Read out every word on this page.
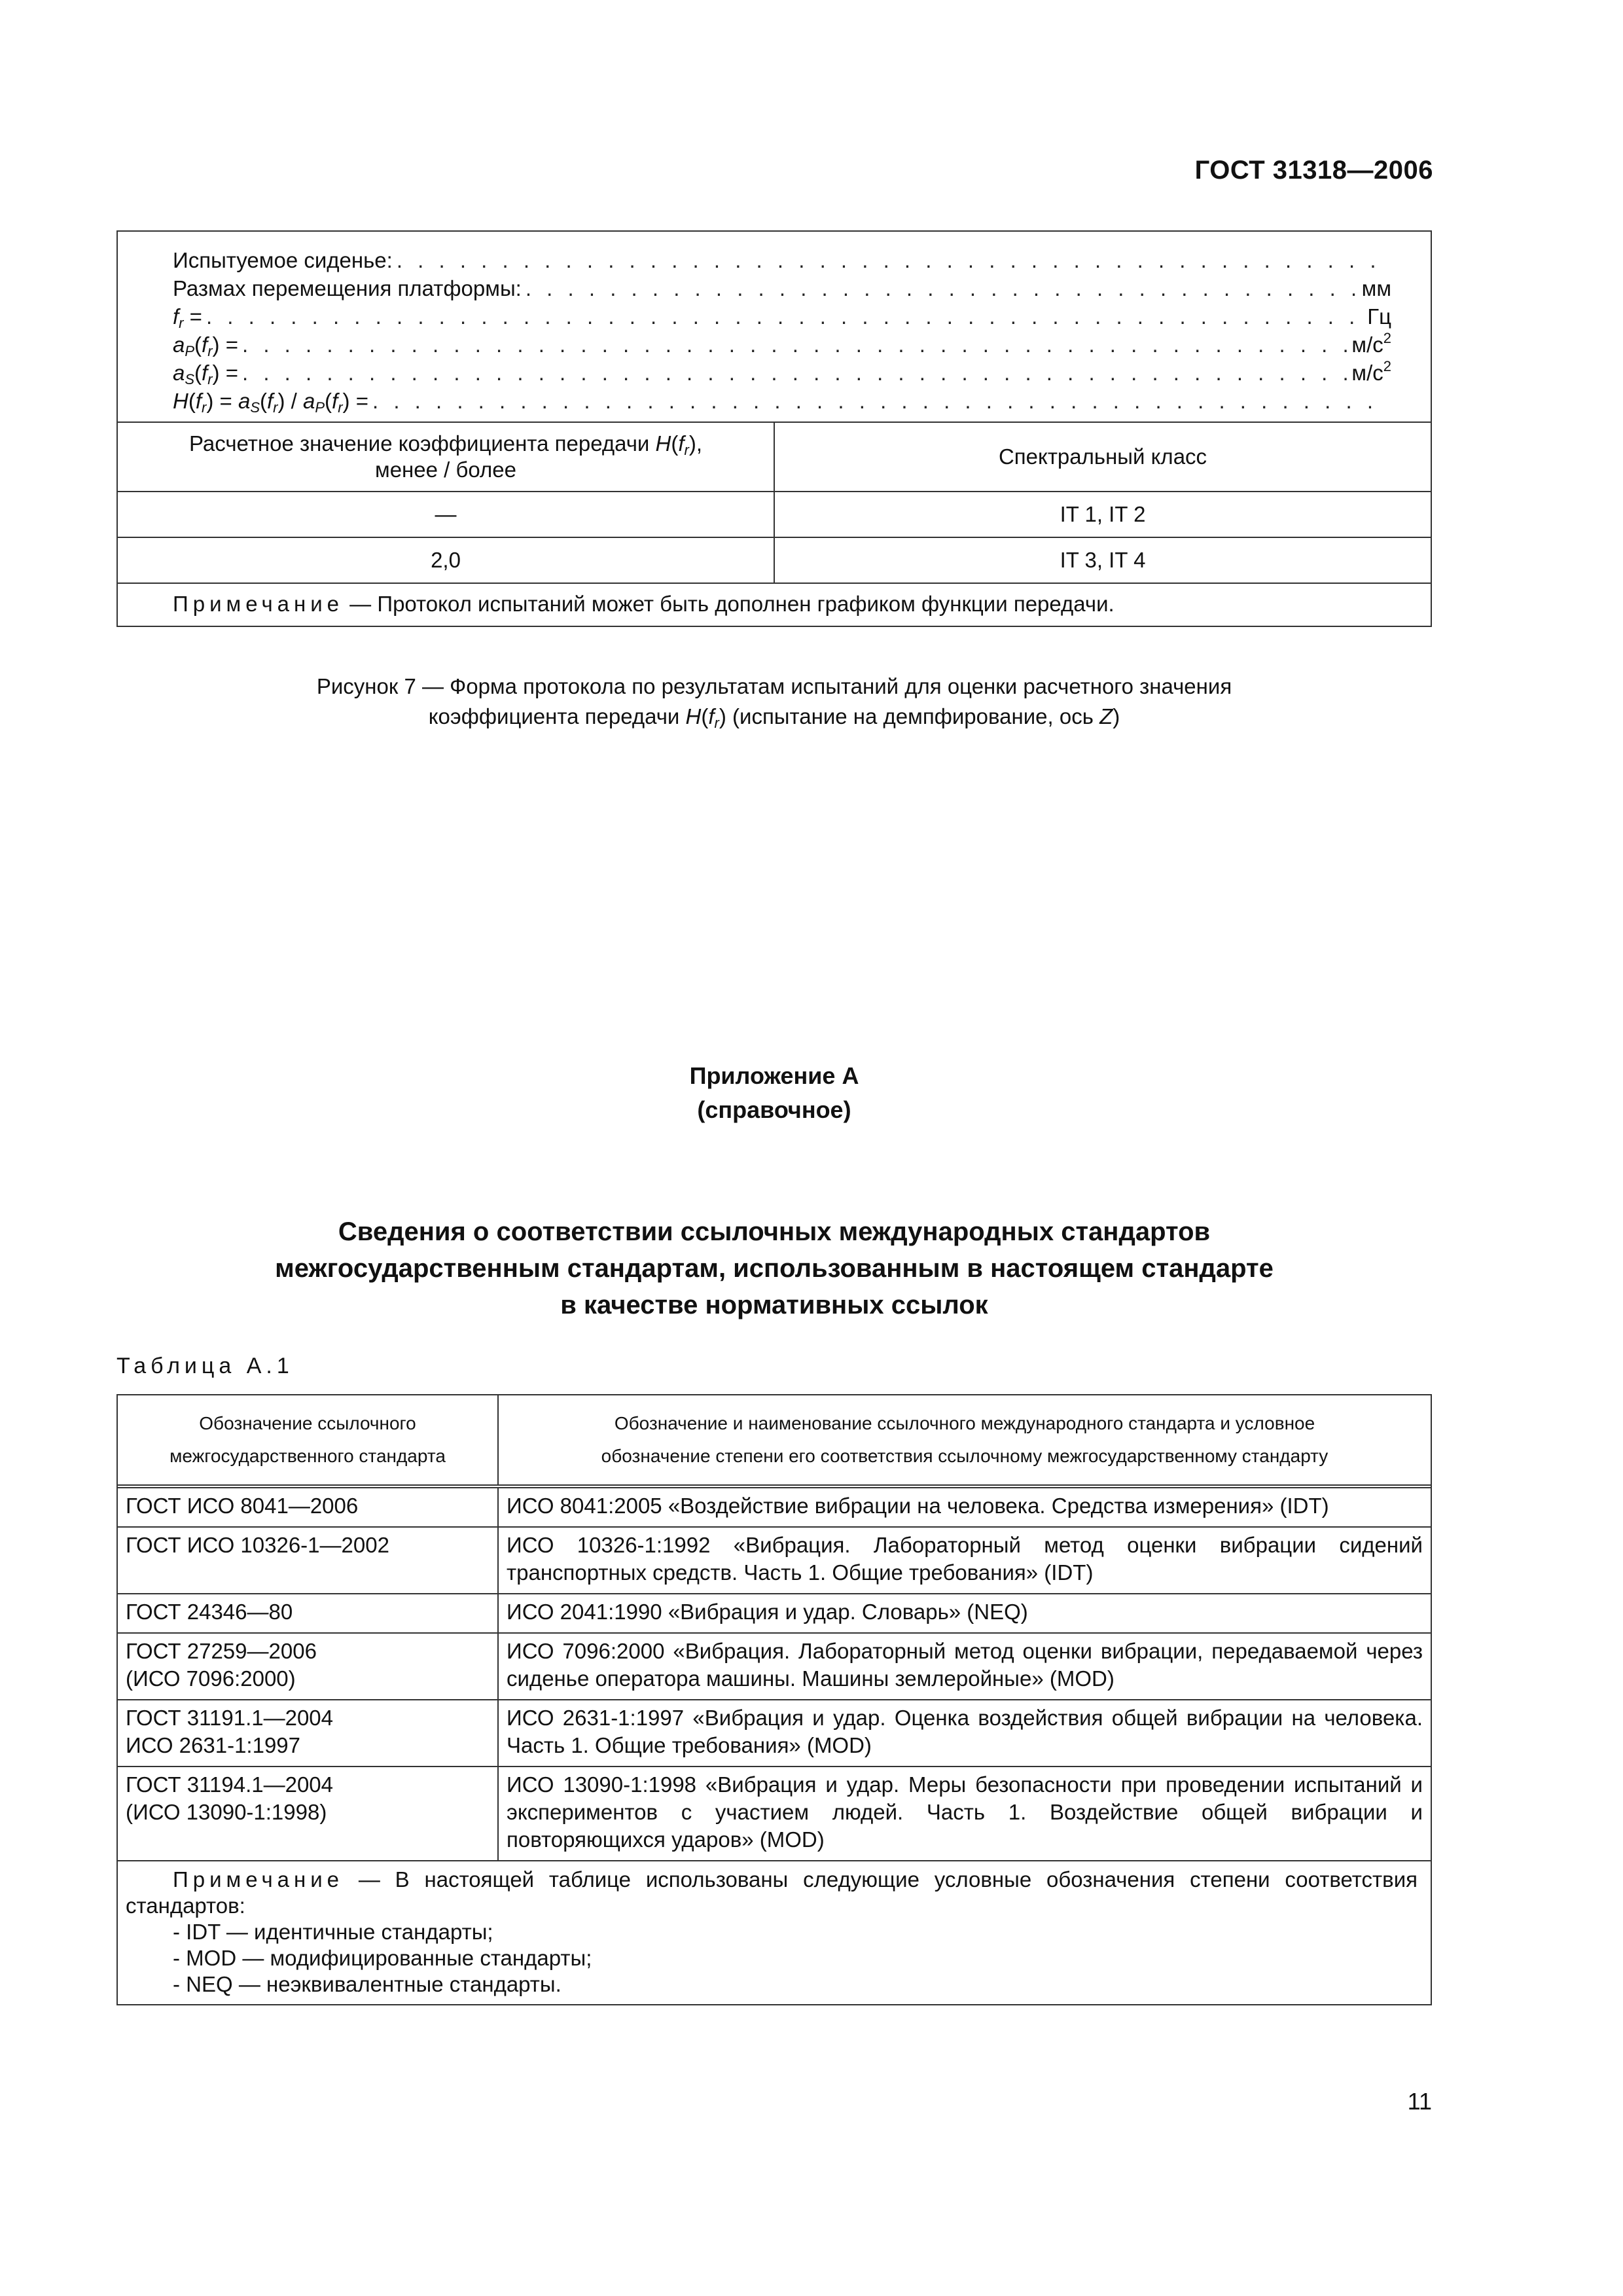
ГОСТ 31318—2006
Испытуемое сиденье:
. . .
Размах перемещения платформы: . . .	мм
$f_r$ = . . .	Гц
$a_P(f_r)$ = . . .	$м/с^2$
$a_S(f_r)$ = . . .	$м/с^2$
$H(f_r) = a_S(f_r) / a_P(f_r)$ =
. . .
Расчетное значение коэффициента передачи $H(f_r)$,
менее / более	Спектральный класс
—	IT 1, IT 2
2,0	IT 3, IT 4
Примечание — Протокол испытаний может быть дополнен графиком функции передачи.
Рисунок 7 — Форма протокола по результатам испытаний для оценки расчетного значения
коэффициента передачи $H(f_r)$ (испытание на демпфирование, ось Z)
Приложение А
(справочное)
Сведения о соответствии ссылочных международных стандартов
межгосударственным стандартам, использованным в настоящем стандарте
в качестве нормативных ссылок
Таблица А.1
Обозначение ссылочного
межгосударственного стандарта	Обозначение и наименование ссылочного международного стандарта и условное
обозначение степени его соответствия ссылочному межгосударственному стандарту
ГОСТ ИСО 8041—2006	ИСО 8041:2005 «Воздействие вибрации на человека. Средства измерения» (IDT)
ГОСТ ИСО 10326-1—2002	ИСО 10326-1:1992 «Вибрация. Лабораторный метод оценки вибрации сидений транспортных средств. Часть 1. Общие требования» (IDT)
ГОСТ 24346—80	ИСО 2041:1990 «Вибрация и удар. Словарь» (NEQ)
ГОСТ 27259—2006
(ИСО 7096:2000)	ИСО 7096:2000 «Вибрация. Лабораторный метод оценки вибрации, передаваемой через сиденье оператора машины. Машины землеройные» (MOD)
ГОСТ 31191.1—2004
ИСО 2631-1:1997	ИСО 2631-1:1997 «Вибрация и удар. Оценка воздействия общей вибрации на человека. Часть 1. Общие требования» (MOD)
ГОСТ 31194.1—2004
(ИСО 13090-1:1998)	ИСО 13090-1:1998 «Вибрация и удар. Меры безопасности при проведении испытаний и экспериментов с участием людей. Часть 1. Воздействие общей вибрации и повторяющихся ударов» (MOD)
Примечание — В настоящей таблице использованы следующие условные обозначения степени соответствия стандартов:
- IDT — идентичные стандарты;
- MOD — модифицированные стандарты;
- NEQ — неэквивалентные стандарты.
11
